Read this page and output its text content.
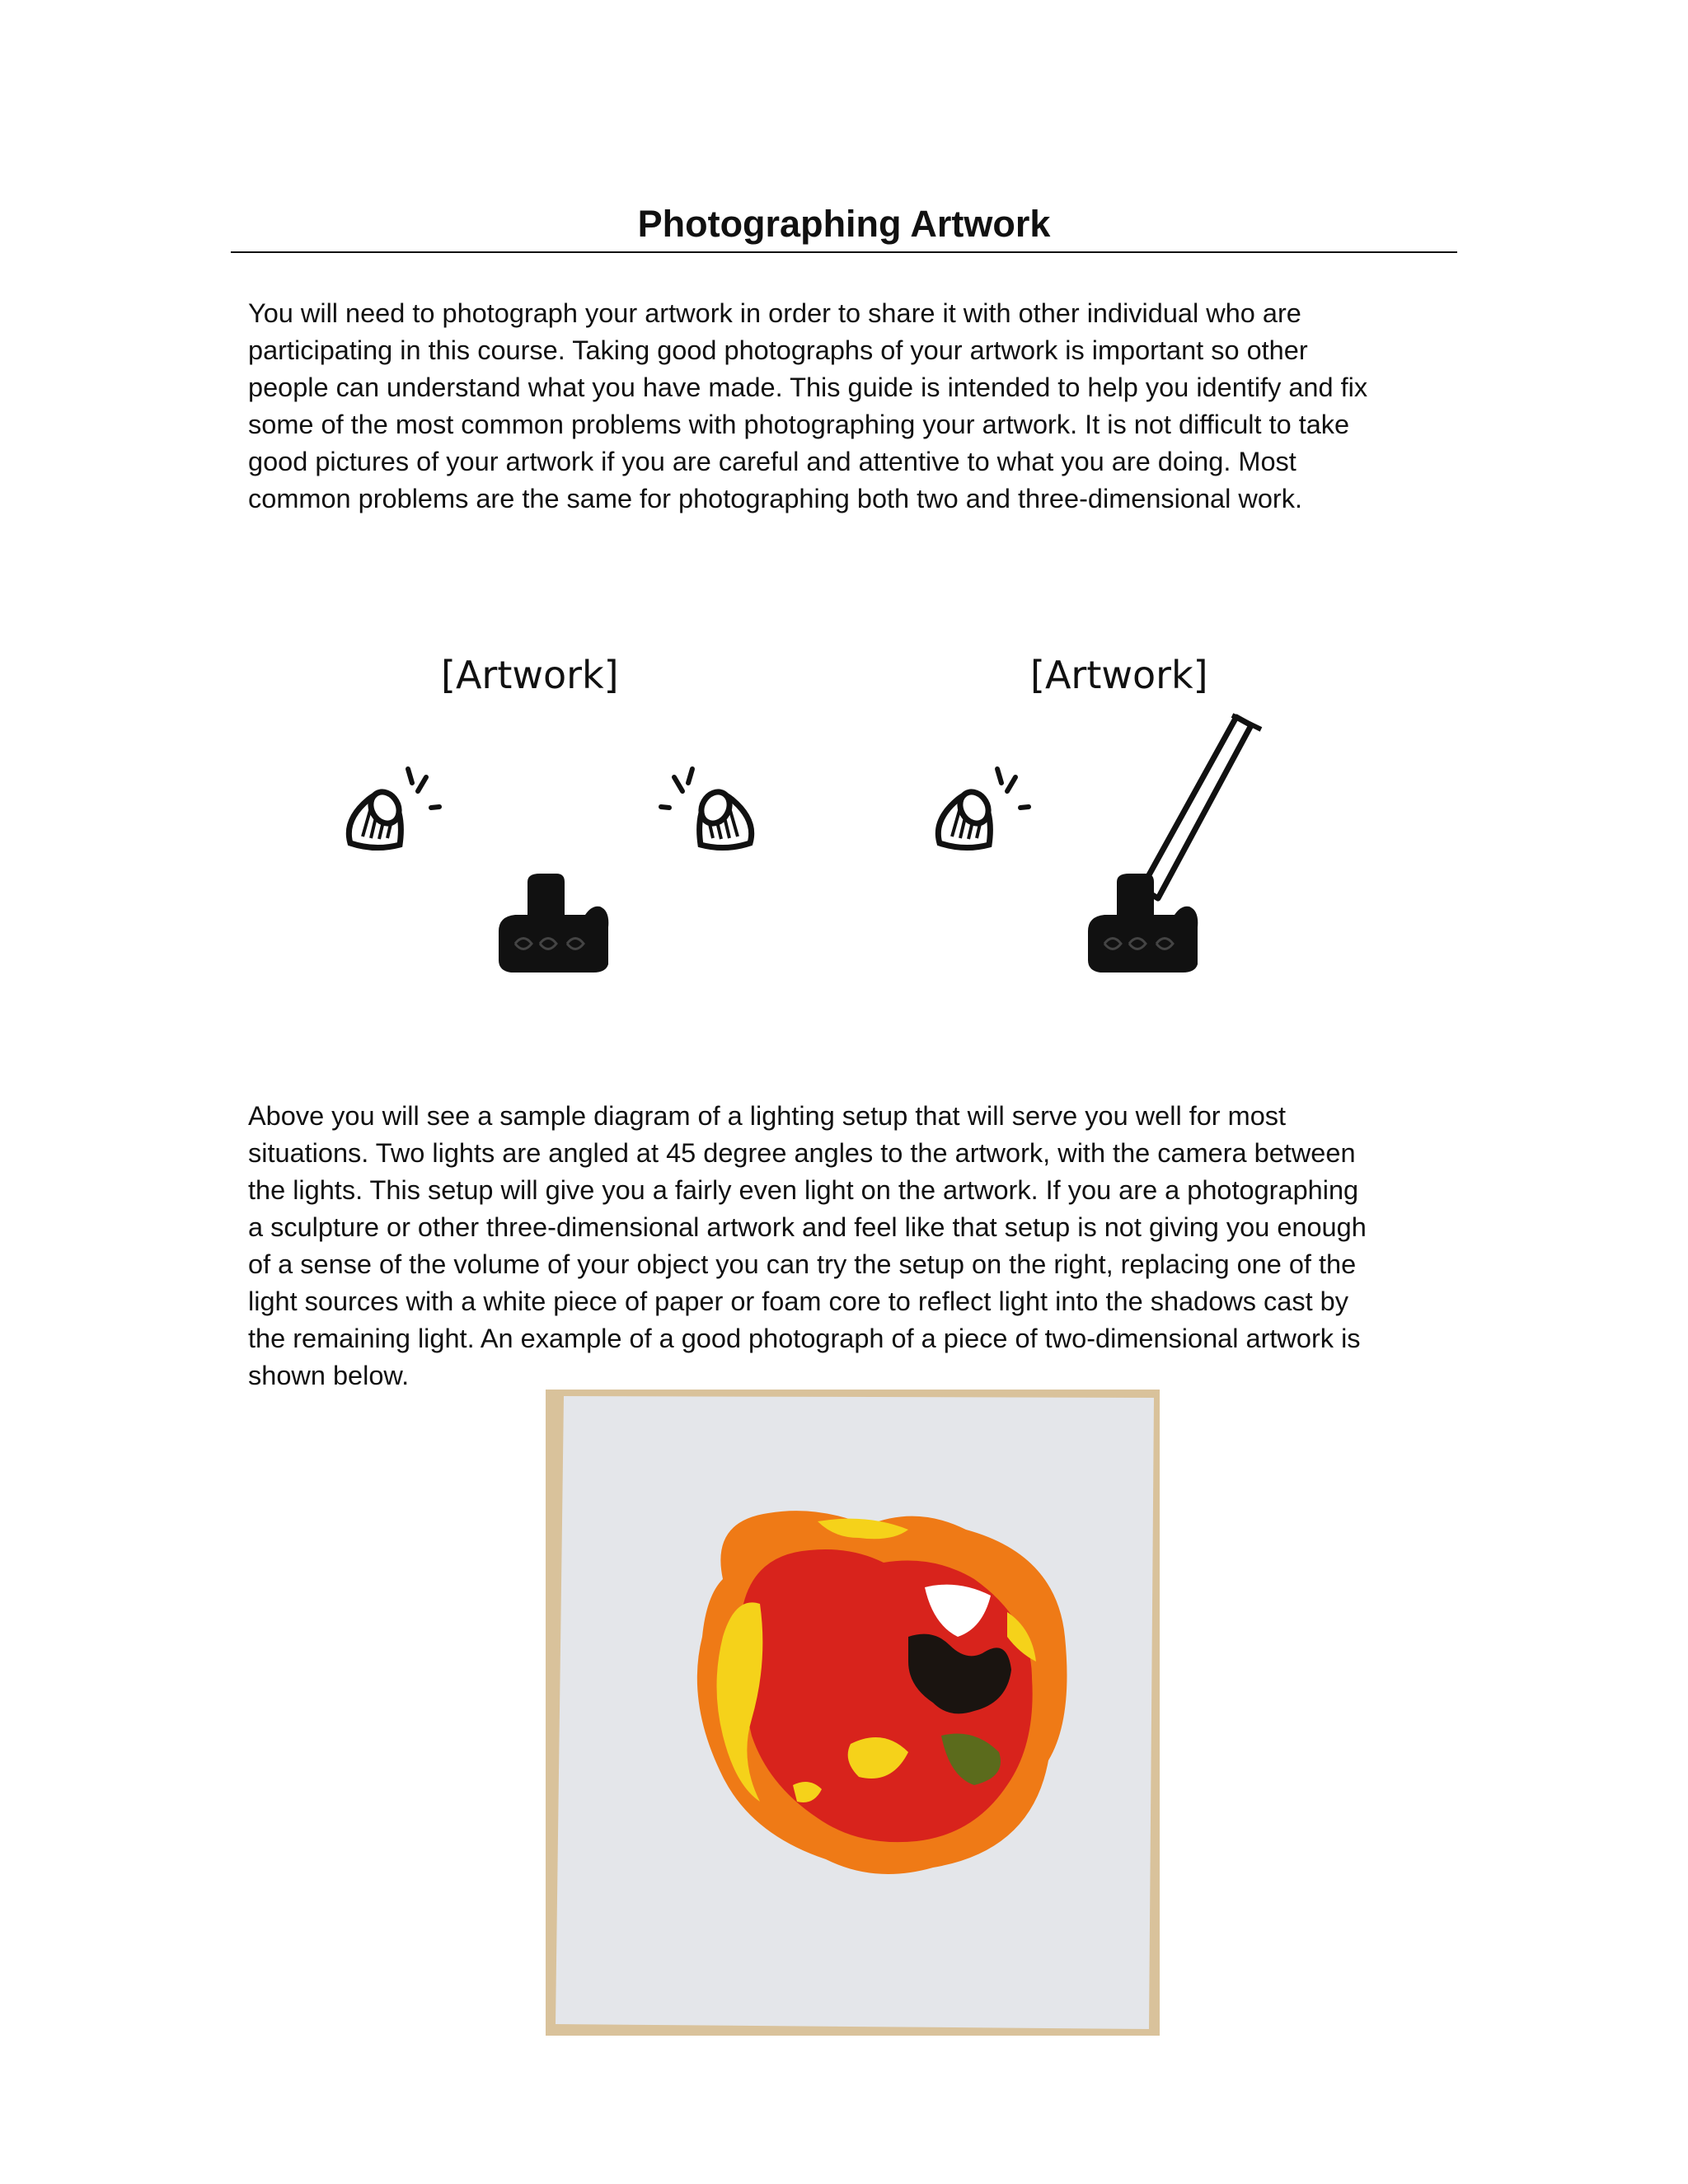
Photographing Artwork
You will need to photograph your artwork in order to share it with other individual who are
participating in this course. Taking good photographs of your artwork is important so other
people can understand what you have made. This guide is intended to help you identify and fix
some of the most common problems with photographing your artwork. It is not difficult to take
good pictures of your artwork if you are careful and attentive to what you are doing. Most
common problems are the same for photographing both two and three-dimensional work.
[Artwork]	[Artwork]
Above you will see a sample diagram of a lighting setup that will serve you well for most
situations. Two lights are angled at 45 degree angles to the artwork, with the camera between
the lights. This setup will give you a fairly even light on the artwork. If you are a photographing
a sculpture or other three-dimensional artwork and feel like that setup is not giving you enough
of a sense of the volume of your object you can try the setup on the right, replacing one of the
light sources with a white piece of paper or foam core to reflect light into the shadows cast by
the remaining light. An example of a good photograph of a piece of two-dimensional artwork is
shown below.
